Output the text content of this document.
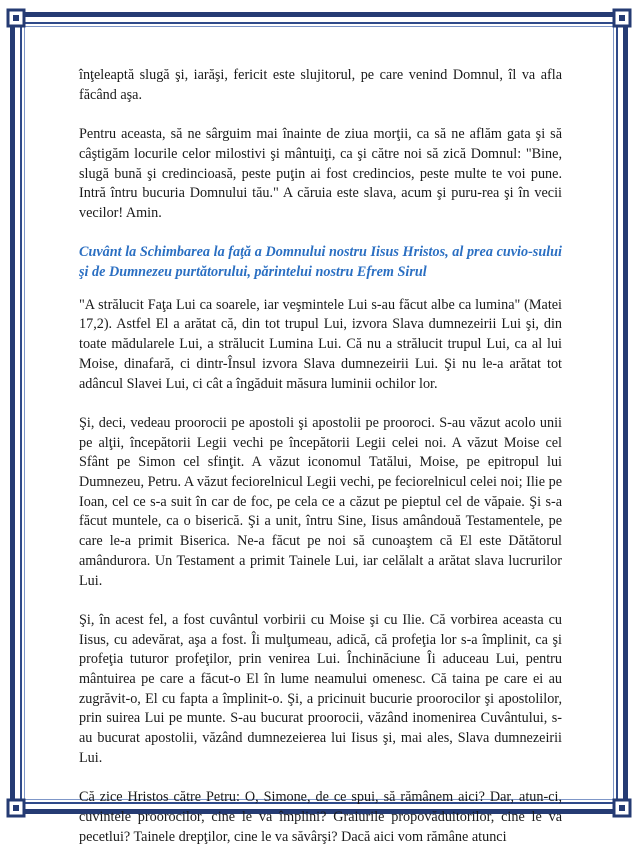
înţeleaptă slugă şi, iarăşi, fericit este slujitorul, pe care venind Domnul, îl va afla făcând aşa.

Pentru aceasta, să ne sârguim mai înainte de ziua morţii, ca să ne aflăm gata şi să câştigăm locurile celor milostivi şi mântuiţi, ca şi către noi să zică Domnul: "Bine, slugă bună şi credincioasă, peste puţin ai fost credincios, peste multe te voi pune. Intră întru bucuria Domnului tău." A căruia este slava, acum şi puru-rea şi în vecii vecilor! Amin.

Cuvânt la Schimbarea la faţă a Domnului nostru Iisus Hristos, al prea cuvio-sului şi de Dumnezeu purtătorului, părintelui nostru Efrem Sirul

"A strălucit Faţa Lui ca soarele, iar veşmintele Lui s-au făcut albe ca lumina" (Matei 17,2). Astfel El a arătat că, din tot trupul Lui, izvora Slava dumnezeirii Lui şi, din toate mădularele Lui, a strălucit Lumina Lui. Că nu a strălucit trupul Lui, ca al lui Moise, dinafară, ci dintr-Însul izvora Slava dumnezeirii Lui. Şi nu le-a arătat tot adâncul Slavei Lui, ci cât a îngăduit măsura luminii ochilor lor.

Şi, deci, vedeau proorocii pe apostoli şi apostolii pe prooroci. S-au văzut acolo unii pe alţii, începătorii Legii vechi pe începătorii Legii celei noi. A văzut Moise cel Sfânt pe Simon cel sfinţit. A văzut iconomul Tatălui, Moise, pe epitropul lui Dumnezeu, Petru. A văzut feciorelnicul Legii vechi, pe feciorelnicul celei noi; Ilie pe Ioan, cel ce s-a suit în car de foc, pe cela ce a căzut pe pieptul cel de văpaie. Şi s-a făcut muntele, ca o biserică. Şi a unit, întru Sine, Iisus amândouă Testamentele, pe care le-a primit Biserica. Ne-a făcut pe noi să cunoaştem că El este Dătătorul amândurora. Un Testament a primit Tainele Lui, iar celălalt a arătat slava lucrurilor Lui.

Şi, în acest fel, a fost cuvântul vorbirii cu Moise şi cu Ilie. Că vorbirea aceasta cu Iisus, cu adevărat, aşa a fost. Îi mulţumeau, adică, că profeţia lor s-a împlinit, ca şi profeţia tuturor profeţilor, prin venirea Lui. Închinăciune Îi aduceau Lui, pentru mântuirea pe care a făcut-o El în lume neamului omenesc. Că taina pe care ei au zugrăvit-o, El cu fapta a împlinit-o. Şi, a pricinuit bucurie proorocilor şi apostolilor, prin suirea Lui pe munte. S-au bucurat proorocii, văzând inomenirea Cuvântului, s-au bucurat apostolii, văzând dumnezeierea lui Iisus şi, mai ales, Slava dumnezeirii Lui.

Că zice Hristos către Petru: O, Simone, de ce spui, să rămânem aici? Dar, atun-ci, cuvintele proorocilor, cine le va împlini? Graiurile propovăduitorilor, cine le va pecetlui? Tainele drepţilor, cine le va săvârşi? Dacă aici vom rămâne atunci
